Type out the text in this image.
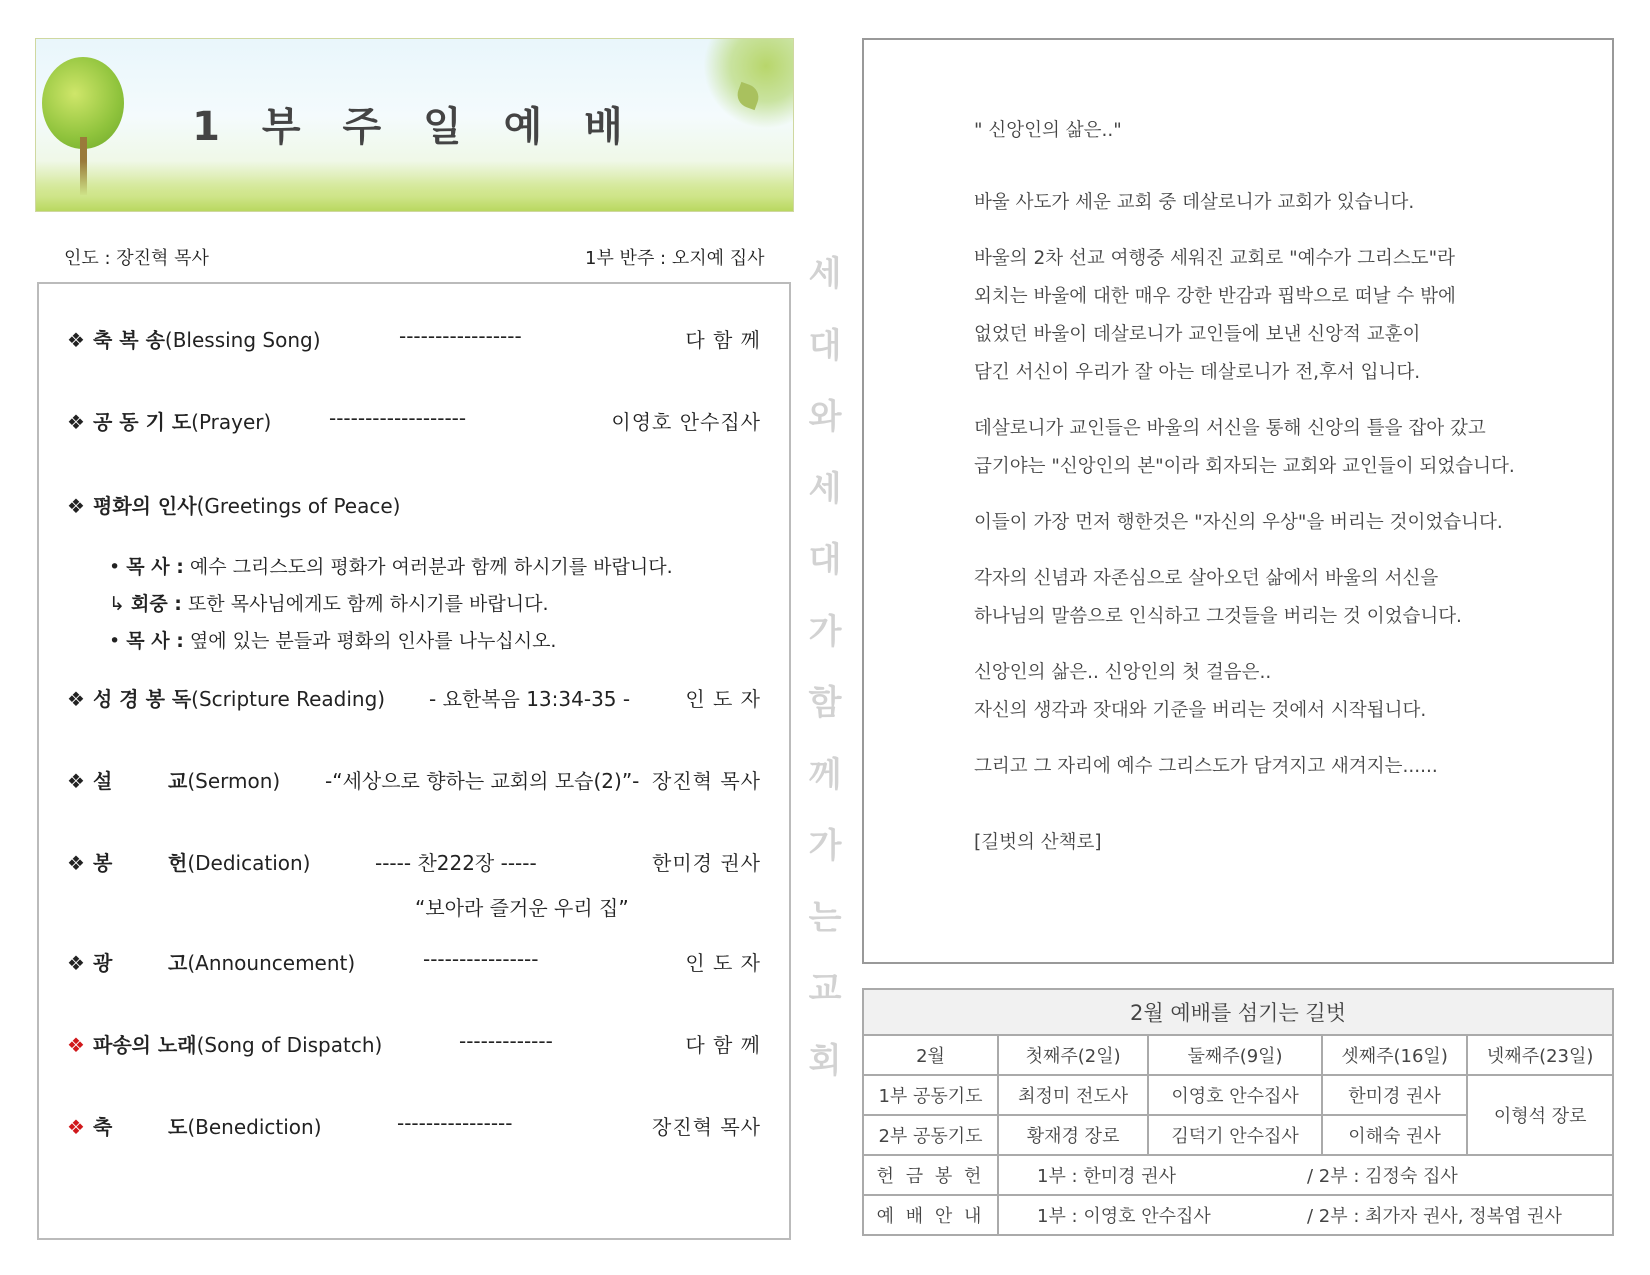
1 부 주 일 예 배
인도 : 장진혁 목사	1부 반주 : 오지예 집사
❖ 축 복 송(Blessing Song)	-----------------	다 함 께
❖ 공 동 기 도(Prayer)	-------------------	이영호 안수집사
❖ 평화의 인사(Greetings of Peace)
• 목 사 : 예수 그리스도의 평화가 여러분과 함께 하시기를 바랍니다.
↳ 회중 : 또한 목사님에게도 함께 하시기를 바랍니다.
• 목 사 : 옆에 있는 분들과 평화의 인사를 나누십시오.
❖ 성 경 봉 독(Scripture Reading) - 요한복음 13:34-35 -	인 도 자
❖ 설        교(Sermon) -“세상으로 향하는 교회의 모습(2)”- 장진혁 목사
❖ 봉        헌(Dedication)	----- 찬222장 -----	한미경 권사
“보아라 즐거운 우리 집”
❖ 광        고(Announcement)	----------------	인 도 자
❖ 파송의 노래(Song of Dispatch)	-------------	다 함 께
❖ 축        도(Benediction)	----------------	장진혁 목사
세
대
와
세
대
가
함
께
가
는
교
회
" 신앙인의 삶은.."
바울 사도가 세운 교회 중 데살로니가 교회가 있습니다.
바울의 2차 선교 여행중 세워진 교회로 "예수가 그리스도"라
외치는 바울에 대한 매우 강한 반감과 핍박으로 떠날 수 밖에
없었던 바울이 데살로니가 교인들에 보낸 신앙적 교훈이
담긴 서신이 우리가 잘 아는 데살로니가 전,후서 입니다.
데살로니가 교인들은 바울의 서신을 통해 신앙의 틀을 잡아 갔고
급기야는 "신앙인의 본"이라 회자되는 교회와 교인들이 되었습니다.
이들이 가장 먼저 행한것은 "자신의 우상"을 버리는 것이었습니다.
각자의 신념과 자존심으로 살아오던 삶에서 바울의 서신을
하나님의 말씀으로 인식하고 그것들을 버리는 것 이었습니다.
신앙인의 삶은.. 신앙인의 첫 걸음은..
자신의 생각과 잣대와 기준을 버리는 것에서 시작됩니다.
그리고 그 자리에 예수 그리스도가 담겨지고 새겨지는......
[길벗의 산책로]
2월 예배를 섬기는 길벗				
2월	첫째주(2일)	둘째주(9일)	셋째주(16일)	넷째주(23일)
1부 공동기도	최정미 전도사	이영호 안수집사	한미경 권사	이형석 장로
2부 공동기도	황재경 장로	김덕기 안수집사	이해숙 권사	
헌 금 봉 헌	1부 : 한미경 권사 / 2부 : 김정숙 집사			
예 배 안 내	1부 : 이영호 안수집사 / 2부 : 최가자 권사, 정복엽 권사			
